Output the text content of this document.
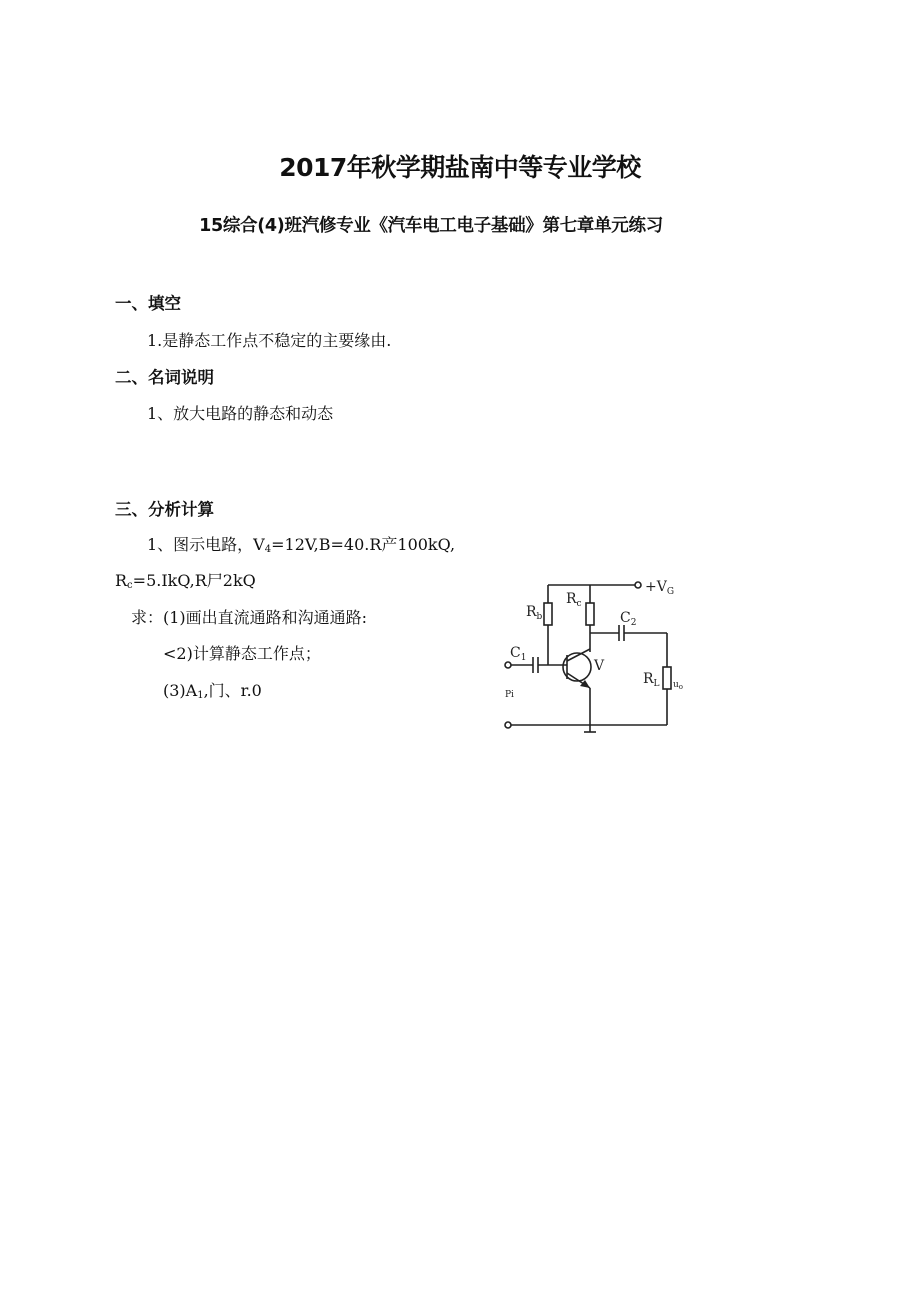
2017年秋学期盐南中等专业学校
15综合(4)班汽修专业《汽车电工电子基础》第七章单元练习
一、填空
1.是静态工作点不稳定的主要缘由.
二、名词说明
1、放大电路的静态和动态
三、分析计算
1、图示电路，$V_4=12V,B=40.R$产100kQ,
$R_c=5.IkQ,R$尸2kQ
求：(1)画出直流通路和沟通通路:
<2)计算静态工作点；
$(3)A_1$,门、r.0
$+V_G$
$R_b$
$R_c$
$C_1$
$C_2$
V
$R_L$ $u_o$
Pi
